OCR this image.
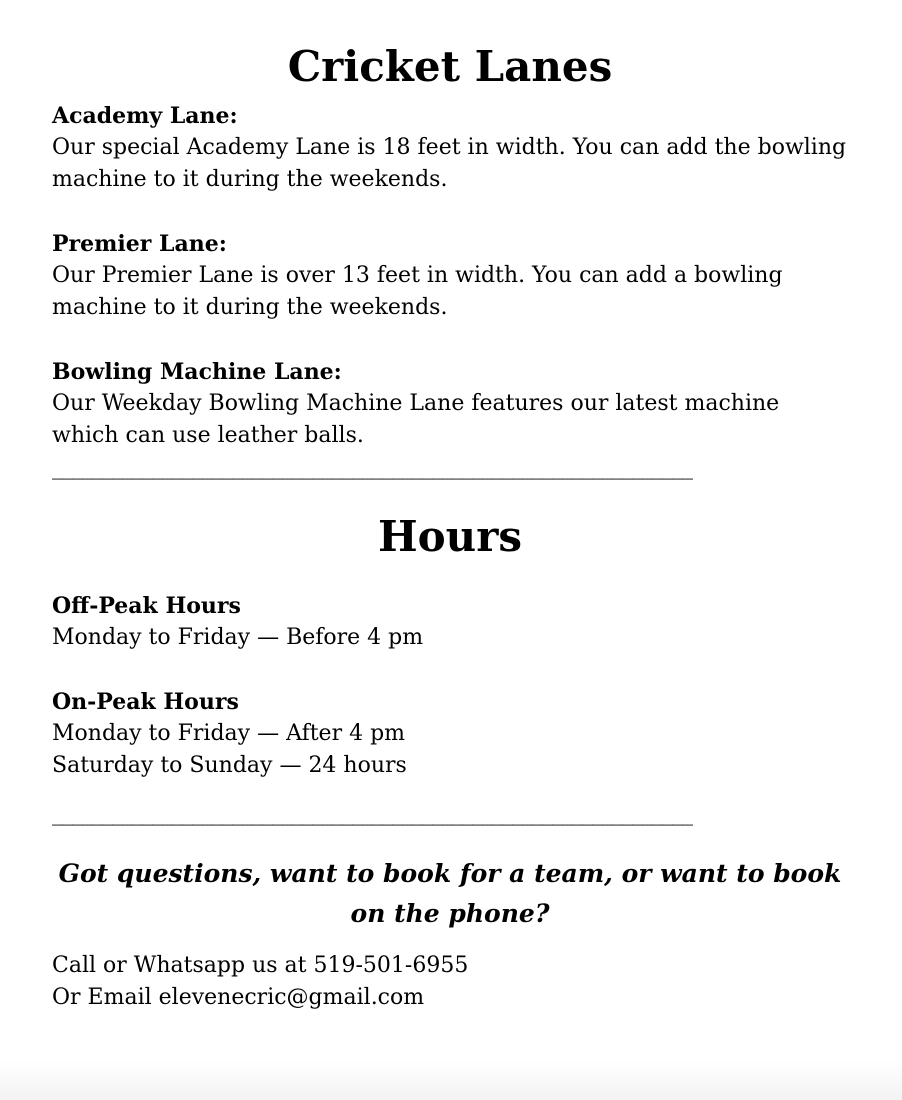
Cricket Lanes
Academy Lane:
Our special Academy Lane is 18 feet in width. You can add the bowling machine to it during the weekends.
Premier Lane:
Our Premier Lane is over 13 feet in width. You can add a bowling machine to it during the weekends.
Bowling Machine Lane:
Our Weekday Bowling Machine Lane features our latest machine which can use leather balls.
________________________________________________________________
Hours
Off-Peak Hours
Monday to Friday — Before 4 pm
On-Peak Hours
Monday to Friday — After 4 pm
Saturday to Sunday — 24 hours
________________________________________________________________

Got questions, want to book for a team, or want to book on the phone?

Call or Whatsapp us at 519-501-6955
Or Email elevenecric@gmail.com
